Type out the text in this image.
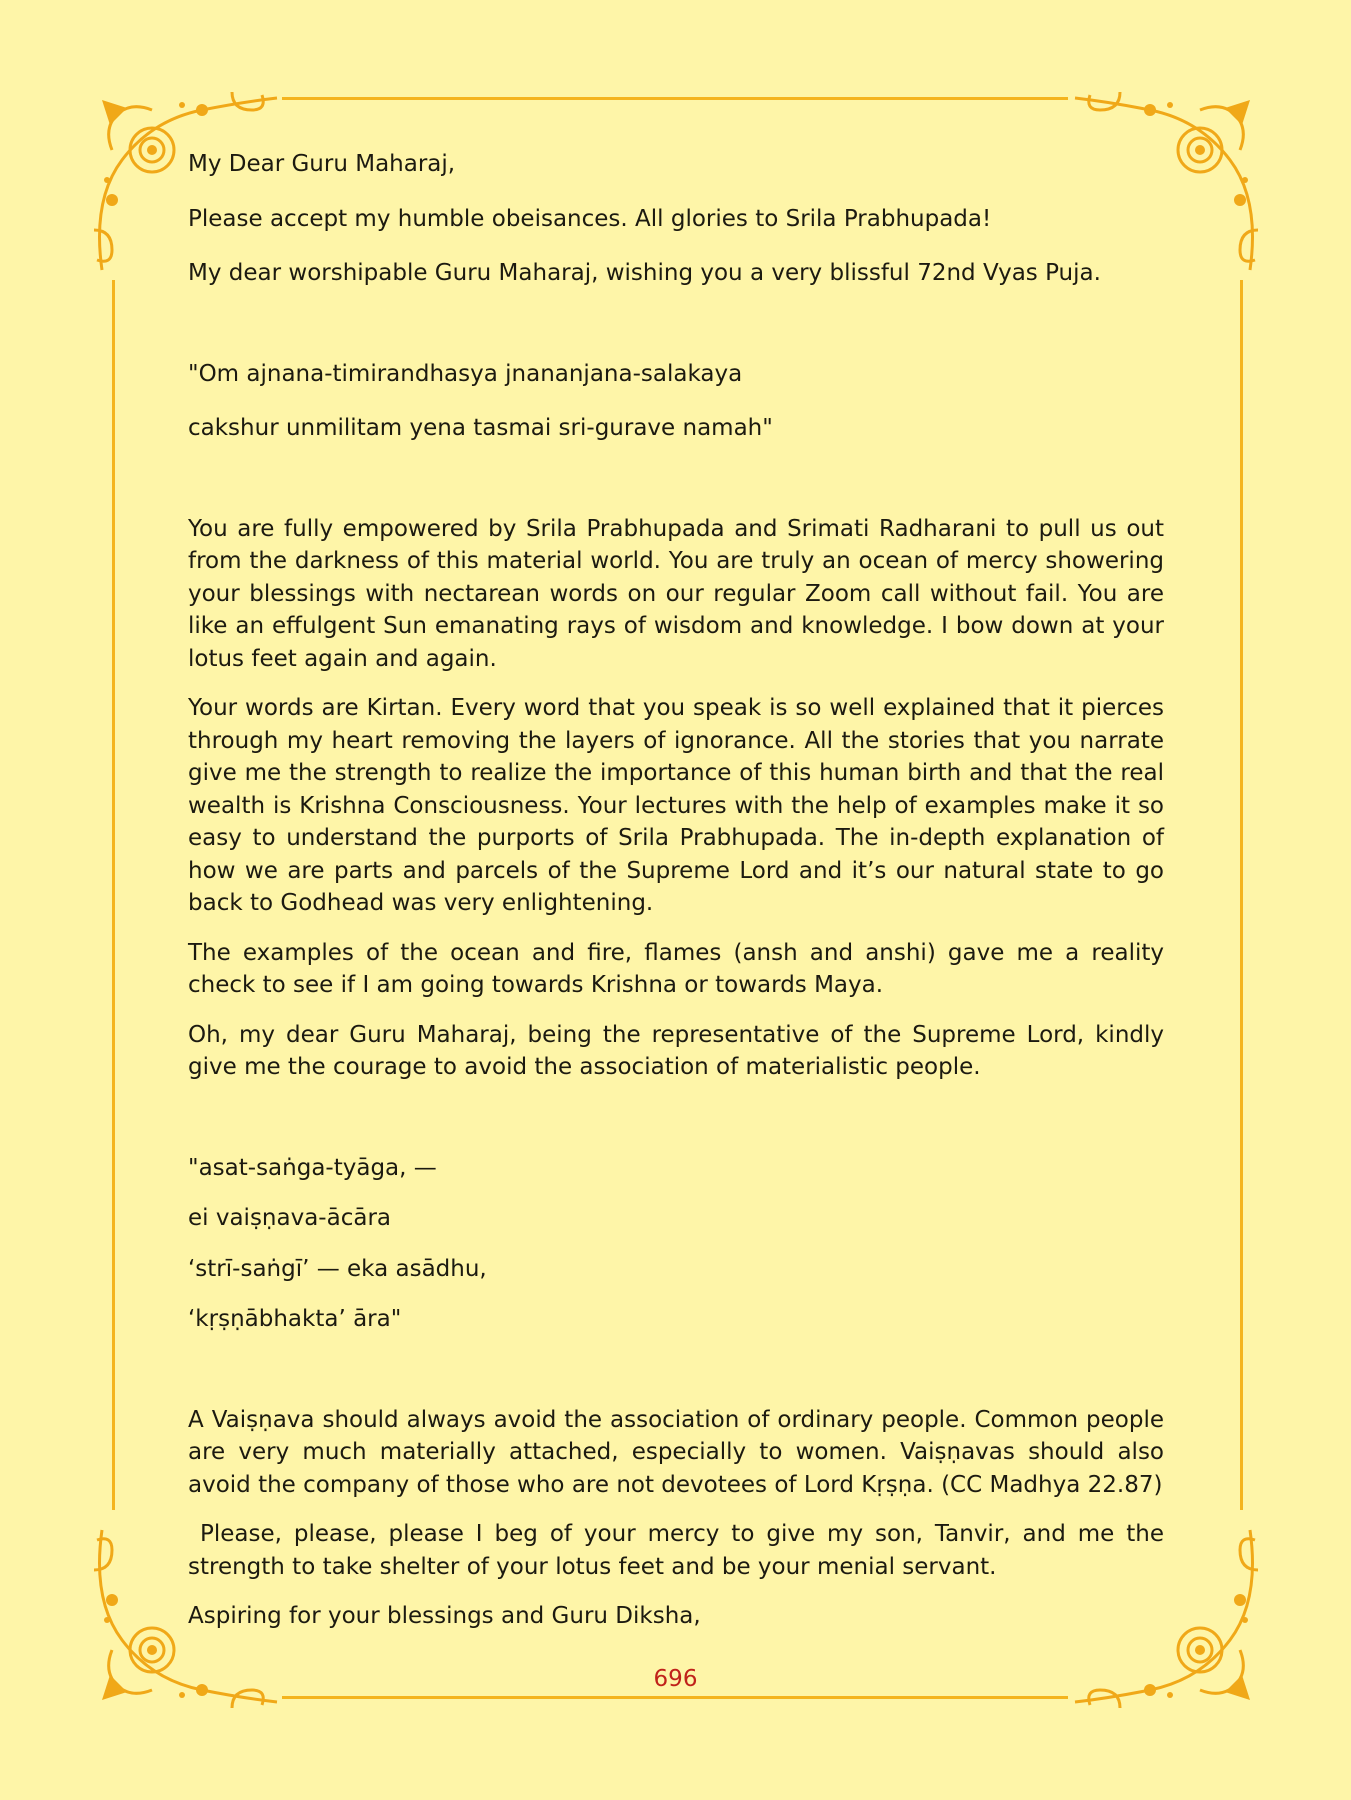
My Dear Guru Maharaj,

Please accept my humble obeisances. All glories to Srila Prabhupada!

My dear worshipable Guru Maharaj, wishing you a very blissful 72nd Vyas Puja.

"Om ajnana-timirandhasya jnananjana-salakaya

cakshur unmilitam yena tasmai sri-gurave namah"

You are fully empowered by Srila Prabhupada and Srimati Radharani to pull us out from the darkness of this material world. You are truly an ocean of mercy showering your blessings with nectarean words on our regular Zoom call without fail. You are like an effulgent Sun emanating rays of wisdom and knowledge. I bow down at your lotus feet again and again.

Your words are Kirtan. Every word that you speak is so well explained that it pierces through my heart removing the layers of ignorance. All the stories that you narrate give me the strength to realize the importance of this human birth and that the real wealth is Krishna Consciousness. Your lectures with the help of examples make it so easy to understand the purports of Srila Prabhupada. The in-depth explanation of how we are parts and parcels of the Supreme Lord and it’s our natural state to go back to Godhead was very enlightening.

The examples of the ocean and fire, flames (ansh and anshi) gave me a reality check to see if I am going towards Krishna or towards Maya.

Oh, my dear Guru Maharaj, being the representative of the Supreme Lord, kindly give me the courage to avoid the association of materialistic people.

"asat-saṅga-tyāga, —

ei vaiṣṇava-ācāra

‘strī-saṅgī’ — eka asādhu,

‘kṛṣṇābhakta’ āra"

A Vaiṣṇava should always avoid the association of ordinary people. Common people are very much materially attached, especially to women. Vaiṣṇavas should also avoid the company of those who are not devotees of Lord Kṛṣṇa. (CC Madhya 22.87)

Please, please, please I beg of your mercy to give my son, Tanvir, and me the strength to take shelter of your lotus feet and be your menial servant.

Aspiring for your blessings and Guru Diksha,

696
